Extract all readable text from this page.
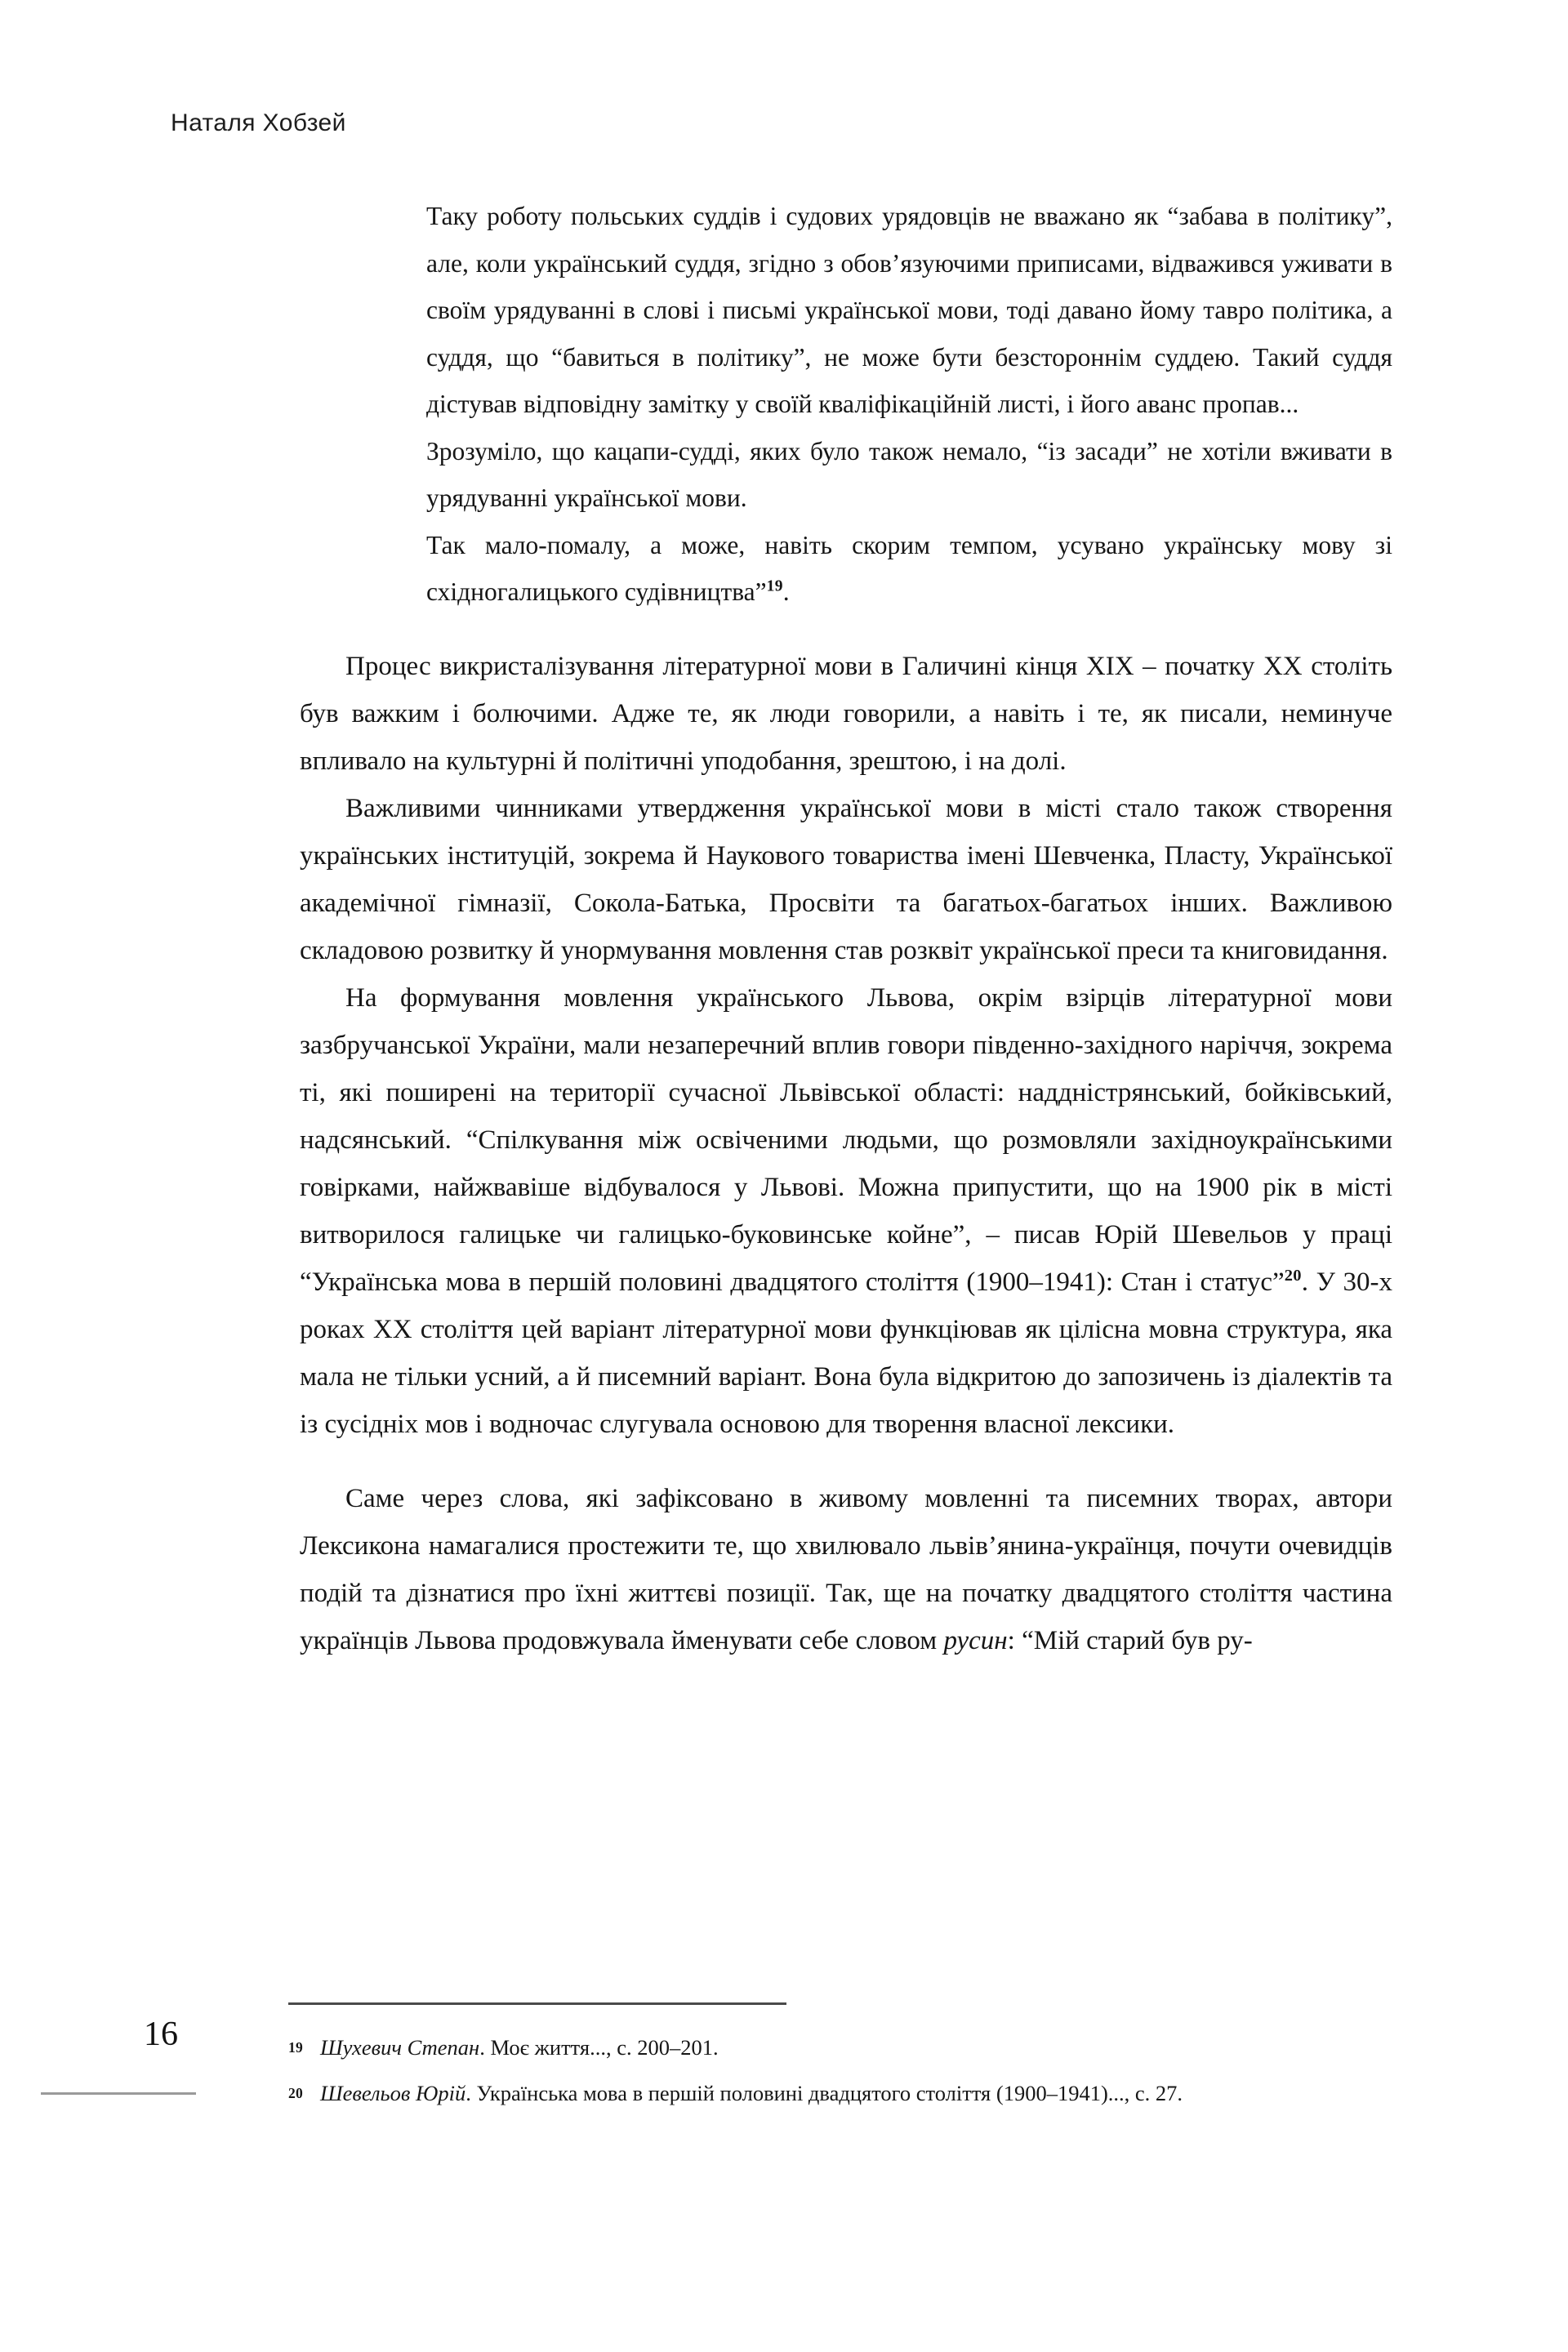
Наталя Хобзей

Таку роботу польських суддів і судових урядовців не вважано як “забава в політику”, але, коли український суддя, згідно з обов’язуючими приписами, відважився уживати в своїм урядуванні в слові і письмі української мови, тоді давано йому тавро політика, а суддя, що “бавиться в політику”, не може бути безстороннім суддею. Такий суддя дістував відповідну замітку у своїй кваліфікаційній листі, і його аванс пропав...

Зрозуміло, що кацапи-судді, яких було також немало, “із засади” не хотіли вживати в урядуванні української мови.

Так мало-помалу, а може, навіть скорим темпом, усувано українську мову зі східногалицького судівництва”$^{19}$.

Процес викристалізування літературної мови в Галичині кінця XIX – початку XX століть був важким і болючими. Адже те, як люди говорили, а навіть і те, як писали, неминуче впливало на культурні й політичні уподобання, зрештою, і на долі.

Важливими чинниками утвердження української мови в місті стало також створення українських інституцій, зокрема й Наукового товариства імені Шевченка, Пласту, Української академічної гімназії, Сокола-Батька, Просвіти та багатьох-багатьох інших. Важливою складовою розвитку й унормування мовлення став розквіт української преси та книговидання.

На формування мовлення українського Львова, окрім взірців літературної мови зазбручанської України, мали незаперечний вплив говори південно-західного наріччя, зокрема ті, які поширені на території сучасної Львівської області: наддністрянський, бойківський, надсянський. “Спілкування між освіченими людьми, що розмовляли західноукраїнськими говірками, найжвавіше відбувалося у Львові. Можна припустити, що на 1900 рік в місті витворилося галицьке чи галицько-буковинське койне”, – писав Юрій Шевельов у праці “Українська мова в першій половині двадцятого століття (1900–1941): Стан і статус”$^{20}$. У 30-х роках XX століття цей варіант літературної мови функціював як цілісна мовна структура, яка мала не тільки усний, а й писемний варіант. Вона була відкритою до запозичень із діалектів та із сусідніх мов і водночас слугувала основою для творення власної лексики.

Саме через слова, які зафіксовано в живому мовленні та писемних творах, автори Лексикона намагалися простежити те, що хвилювало львів’янина-українця, почути очевидців подій та дізнатися про їхні життєві позиції. Так, ще на початку двадцятого століття частина українців Львова продовжувала йменувати себе словом русин: “Мій старий був ру-

16	19 Шухевич Степан. Моє життя..., с. 200–201.

20 Шевельов Юрій. Українська мова в першій половині двадцятого століття (1900–1941)..., с. 27.
